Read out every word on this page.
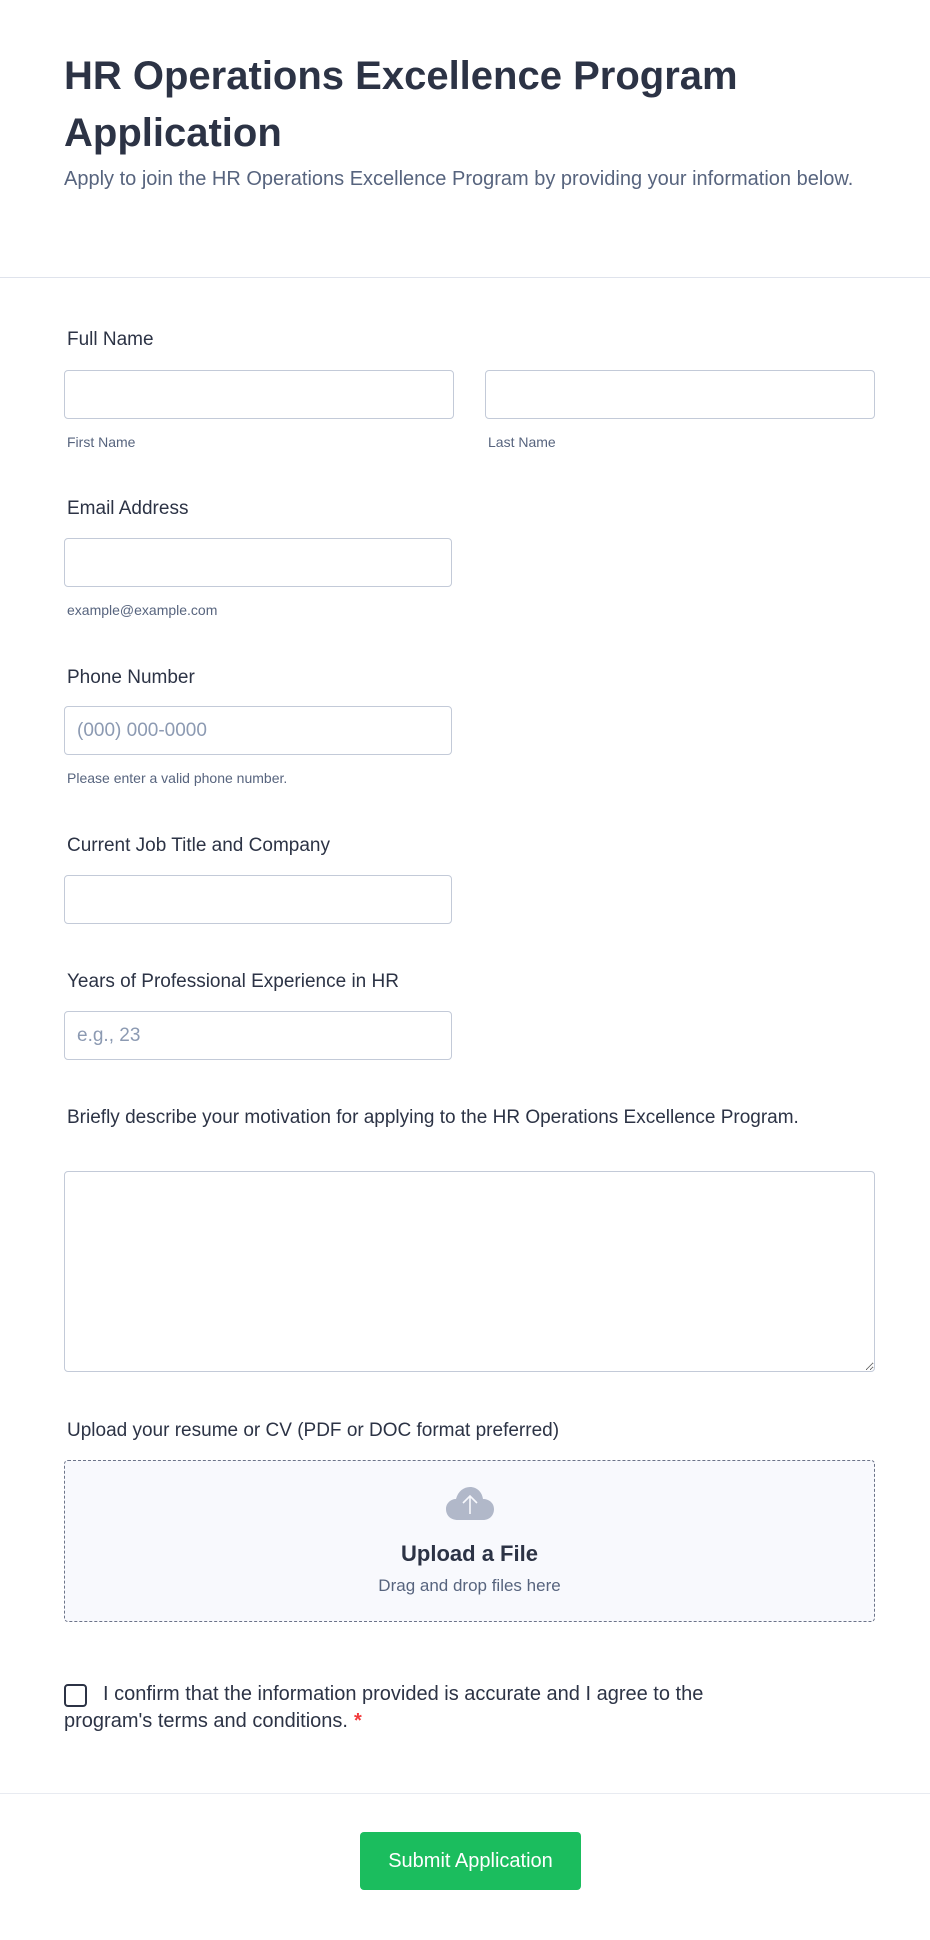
HR Operations Excellence Program Application

Apply to join the HR Operations Excellence Program by providing your information below.

Full Name
First Name	Last Name
Email Address
example@example.com
Phone Number
(000) 000-0000
Please enter a valid phone number.
Current Job Title and Company
Years of Professional Experience in HR
e.g., 23
Briefly describe your motivation for applying to the HR Operations Excellence Program.
Upload your resume or CV (PDF or DOC format preferred)
Upload a File
Drag and drop files here
I confirm that the information provided is accurate and I agree to the program's terms and conditions. *
Submit Application
